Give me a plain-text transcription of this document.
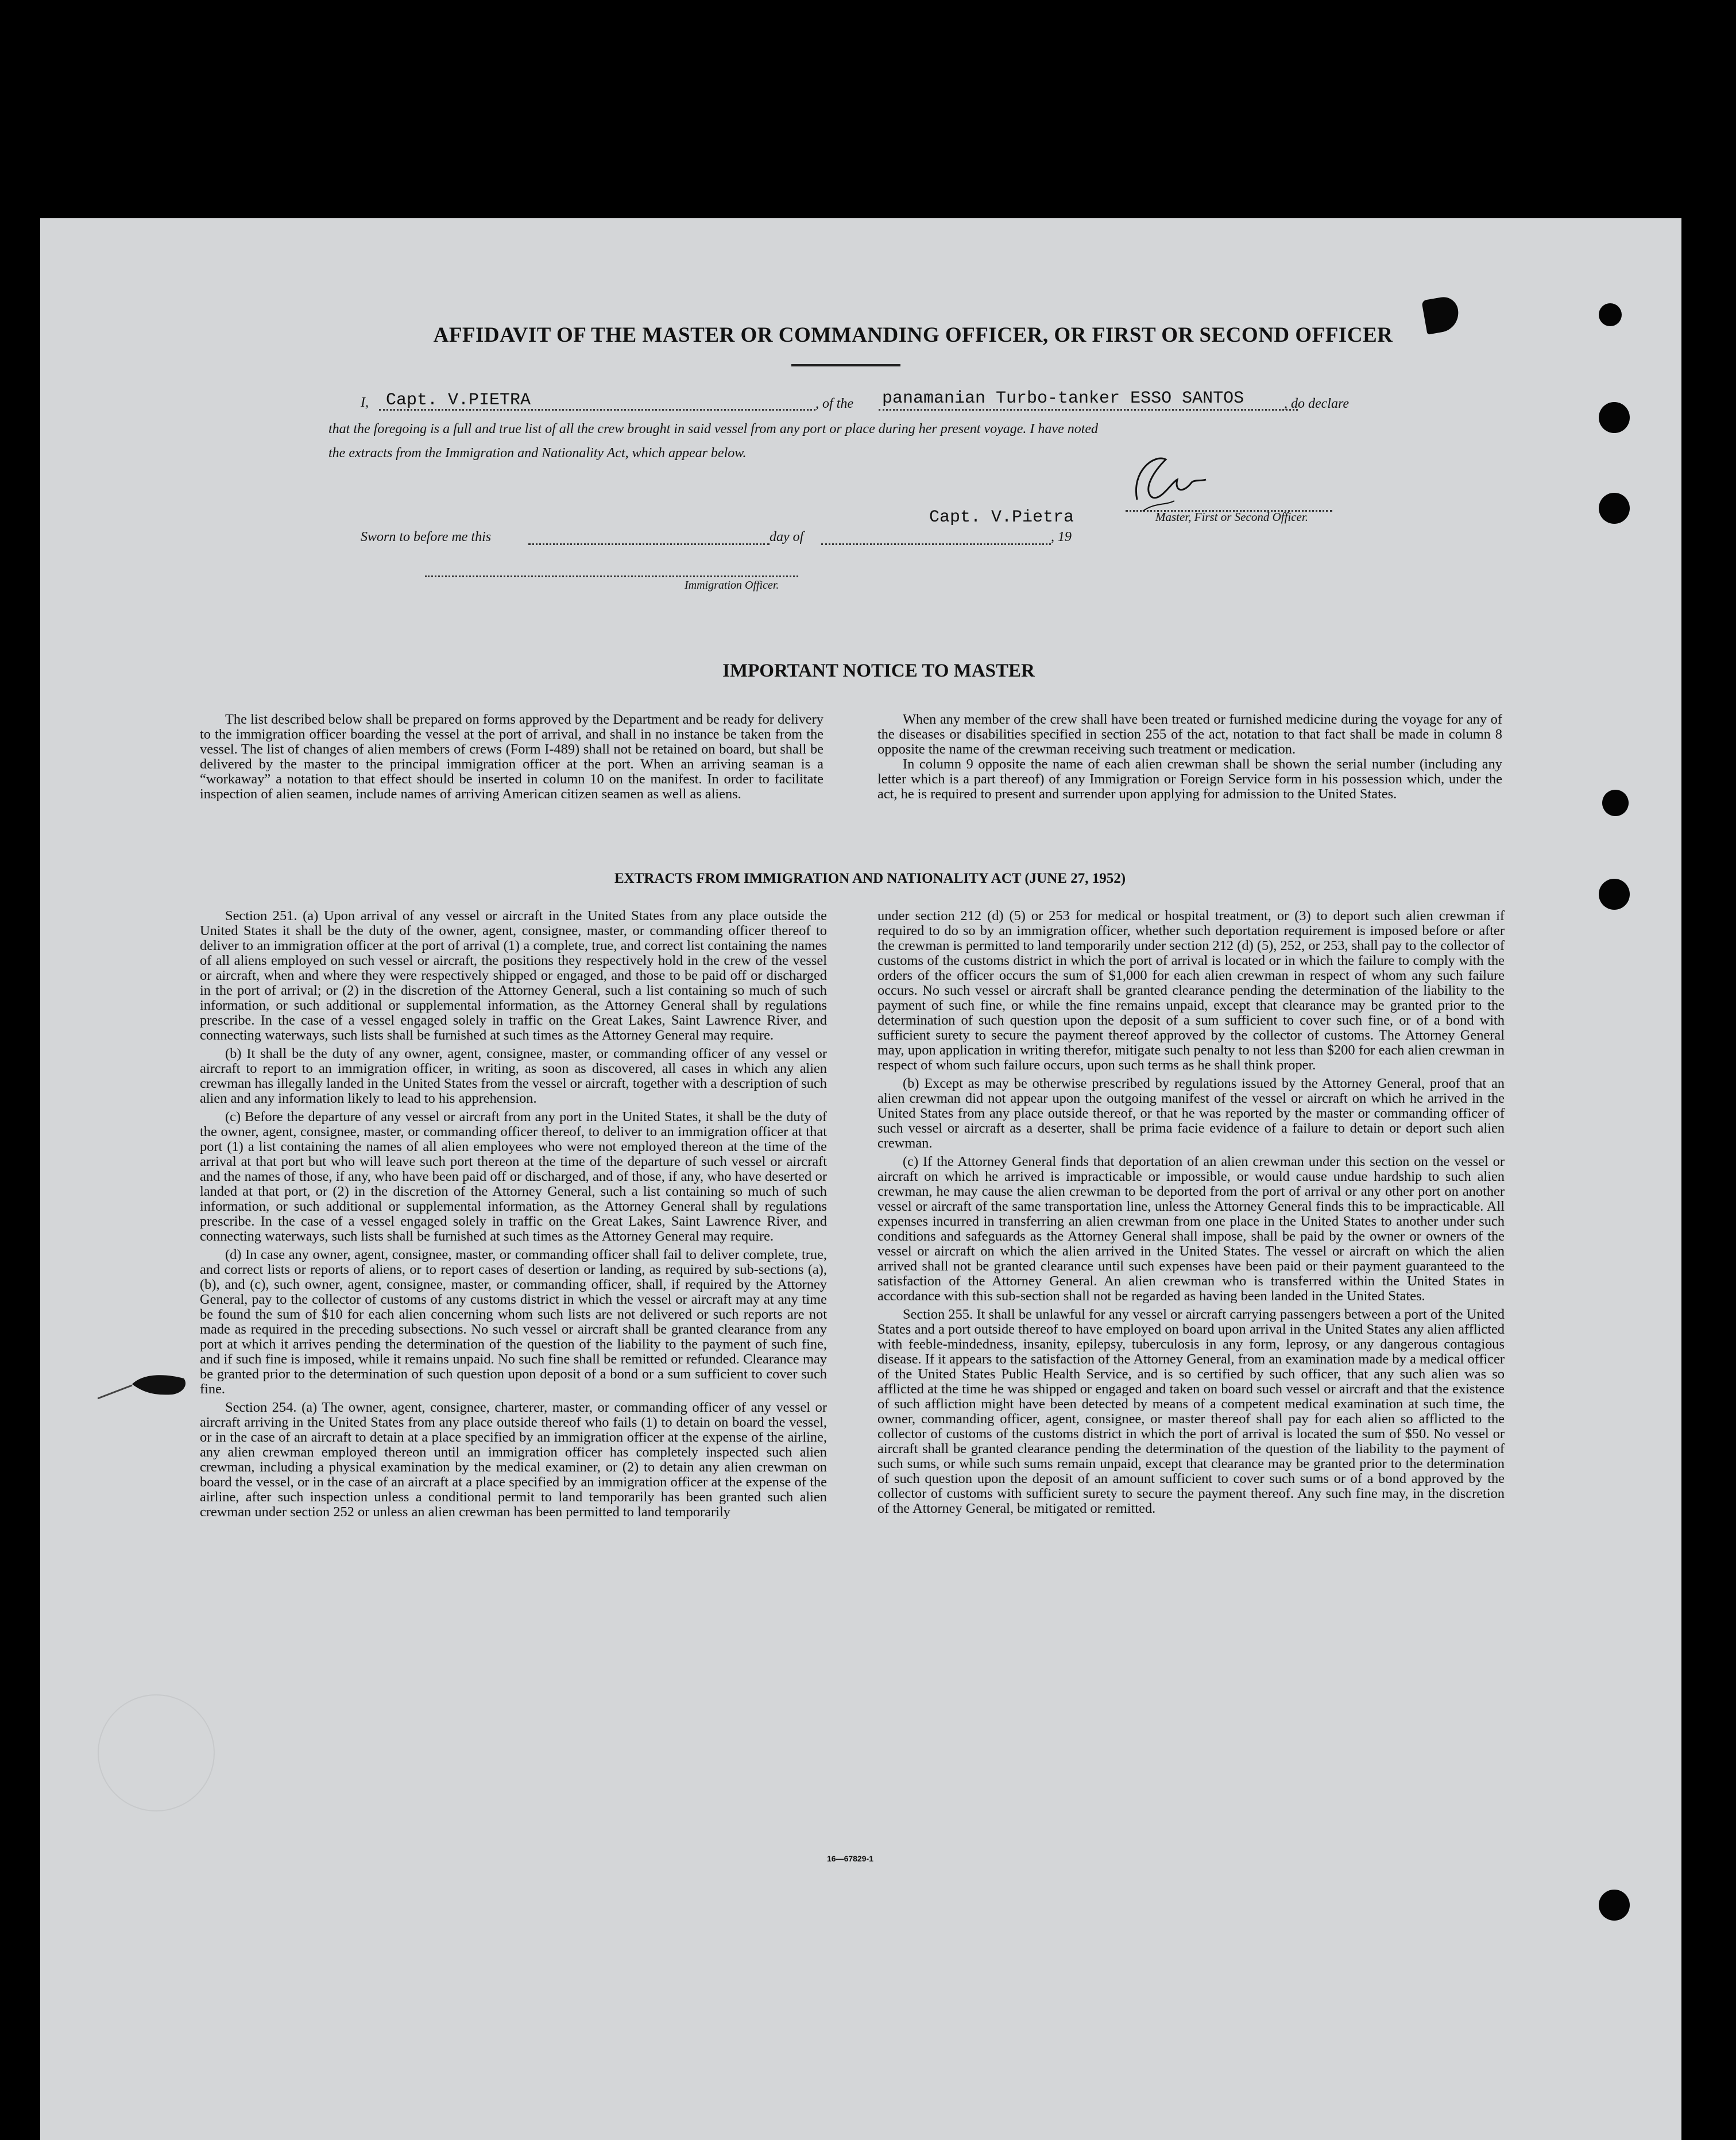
AFFIDAVIT OF THE MASTER OR COMMANDING OFFICER, OR FIRST OR SECOND OFFICER
I, Capt. V.PIETRA	, of the panamanian Turbo-tanker ESSO SANTOS	, do declare
that the foregoing is a full and true list of all the crew brought in said vessel from any port or place during her present voyage. I have noted
the extracts from the Immigration and Nationality Act, which appear below.
Capt. V.Pietra	Master, First or Second Officer.
Sworn to before me this	day of	, 19
Immigration Officer.
IMPORTANT NOTICE TO MASTER

The list described below shall be prepared on forms approved by the Department and be ready for delivery to the immigration officer boarding the vessel at the port of arrival, and shall in no instance be taken from the vessel. The list of changes of alien members of crews (Form I-489) shall not be retained on board, but shall be delivered by the master to the principal immigration officer at the port. When an arriving seaman is a “workaway” a notation to that effect should be inserted in column 10 on the manifest. In order to facilitate inspection of alien seamen, include names of arriving American citizen seamen as well as aliens.

When any member of the crew shall have been treated or furnished medicine during the voyage for any of the diseases or disabilities specified in section 255 of the act, notation to that fact shall be made in column 8 opposite the name of the crewman receiving such treatment or medication.

In column 9 opposite the name of each alien crewman shall be shown the serial number (including any letter which is a part thereof) of any Immigration or Foreign Service form in his possession which, under the act, he is required to present and surrender upon applying for admission to the United States.

EXTRACTS FROM IMMIGRATION AND NATIONALITY ACT (JUNE 27, 1952)

Section 251. (a) Upon arrival of any vessel or aircraft in the United States from any place outside the United States it shall be the duty of the owner, agent, consignee, master, or commanding officer thereof to deliver to an immigration officer at the port of arrival (1) a complete, true, and correct list containing the names of all aliens employed on such vessel or aircraft, the positions they respectively hold in the crew of the vessel or aircraft, when and where they were respectively shipped or engaged, and those to be paid off or discharged in the port of arrival; or (2) in the discretion of the Attorney General, such a list containing so much of such information, or such additional or supplemental information, as the Attorney General shall by regulations prescribe. In the case of a vessel engaged solely in traffic on the Great Lakes, Saint Lawrence River, and connecting waterways, such lists shall be furnished at such times as the Attorney General may require.

(b) It shall be the duty of any owner, agent, consignee, master, or commanding officer of any vessel or aircraft to report to an immigration officer, in writing, as soon as discovered, all cases in which any alien crewman has illegally landed in the United States from the vessel or aircraft, together with a description of such alien and any information likely to lead to his apprehension.

(c) Before the departure of any vessel or aircraft from any port in the United States, it shall be the duty of the owner, agent, consignee, master, or commanding officer thereof, to deliver to an immigration officer at that port (1) a list containing the names of all alien employees who were not employed thereon at the time of the arrival at that port but who will leave such port thereon at the time of the departure of such vessel or aircraft and the names of those, if any, who have been paid off or discharged, and of those, if any, who have deserted or landed at that port, or (2) in the discretion of the Attorney General, such a list containing so much of such information, or such additional or supplemental information, as the Attorney General shall by regulations prescribe. In the case of a vessel engaged solely in traffic on the Great Lakes, Saint Lawrence River, and connecting waterways, such lists shall be furnished at such times as the Attorney General may require.

(d) In case any owner, agent, consignee, master, or commanding officer shall fail to deliver complete, true, and correct lists or reports of aliens, or to report cases of desertion or landing, as required by sub-sections (a), (b), and (c), such owner, agent, consignee, master, or commanding officer, shall, if required by the Attorney General, pay to the collector of customs of any customs district in which the vessel or aircraft may at any time be found the sum of $10 for each alien concerning whom such lists are not delivered or such reports are not made as required in the preceding subsections. No such vessel or aircraft shall be granted clearance from any port at which it arrives pending the determination of the question of the liability to the payment of such fine, and if such fine is imposed, while it remains unpaid. No such fine shall be remitted or refunded. Clearance may be granted prior to the determination of such question upon deposit of a bond or a sum sufficient to cover such fine.

Section 254. (a) The owner, agent, consignee, charterer, master, or commanding officer of any vessel or aircraft arriving in the United States from any place outside thereof who fails (1) to detain on board the vessel, or in the case of an aircraft to detain at a place specified by an immigration officer at the expense of the airline, any alien crewman employed thereon until an immigration officer has completely inspected such alien crewman, including a physical examination by the medical examiner, or (2) to detain any alien crewman on board the vessel, or in the case of an aircraft at a place specified by an immigration officer at the expense of the airline, after such inspection unless a conditional permit to land temporarily has been granted such alien crewman under section 252 or unless an alien crewman has been permitted to land temporarily

under section 212 (d) (5) or 253 for medical or hospital treatment, or (3) to deport such alien crewman if required to do so by an immigration officer, whether such deportation requirement is imposed before or after the crewman is permitted to land temporarily under section 212 (d) (5), 252, or 253, shall pay to the collector of customs of the customs district in which the port of arrival is located or in which the failure to comply with the orders of the officer occurs the sum of $1,000 for each alien crewman in respect of whom any such failure occurs. No such vessel or aircraft shall be granted clearance pending the determination of the liability to the payment of such fine, or while the fine remains unpaid, except that clearance may be granted prior to the determination of such question upon the deposit of a sum sufficient to cover such fine, or of a bond with sufficient surety to secure the payment thereof approved by the collector of customs. The Attorney General may, upon application in writing therefor, mitigate such penalty to not less than $200 for each alien crewman in respect of whom such failure occurs, upon such terms as he shall think proper.

(b) Except as may be otherwise prescribed by regulations issued by the Attorney General, proof that an alien crewman did not appear upon the outgoing manifest of the vessel or aircraft on which he arrived in the United States from any place outside thereof, or that he was reported by the master or commanding officer of such vessel or aircraft as a deserter, shall be prima facie evidence of a failure to detain or deport such alien crewman.

(c) If the Attorney General finds that deportation of an alien crewman under this section on the vessel or aircraft on which he arrived is impracticable or impossible, or would cause undue hardship to such alien crewman, he may cause the alien crewman to be deported from the port of arrival or any other port on another vessel or aircraft of the same transportation line, unless the Attorney General finds this to be impracticable. All expenses incurred in transferring an alien crewman from one place in the United States to another under such conditions and safeguards as the Attorney General shall impose, shall be paid by the owner or owners of the vessel or aircraft on which the alien arrived in the United States. The vessel or aircraft on which the alien arrived shall not be granted clearance until such expenses have been paid or their payment guaranteed to the satisfaction of the Attorney General. An alien crewman who is transferred within the United States in accordance with this sub-section shall not be regarded as having been landed in the United States.

Section 255. It shall be unlawful for any vessel or aircraft carrying passengers between a port of the United States and a port outside thereof to have employed on board upon arrival in the United States any alien afflicted with feeble-mindedness, insanity, epilepsy, tuberculosis in any form, leprosy, or any dangerous contagious disease. If it appears to the satisfaction of the Attorney General, from an examination made by a medical officer of the United States Public Health Service, and is so certified by such officer, that any such alien was so afflicted at the time he was shipped or engaged and taken on board such vessel or aircraft and that the existence of such affliction might have been detected by means of a competent medical examination at such time, the owner, commanding officer, agent, consignee, or master thereof shall pay for each alien so afflicted to the collector of customs of the customs district in which the port of arrival is located the sum of $50. No vessel or aircraft shall be granted clearance pending the determination of the question of the liability to the payment of such sums, or while such sums remain unpaid, except that clearance may be granted prior to the determination of such question upon the deposit of an amount sufficient to cover such sums or of a bond approved by the collector of customs with sufficient surety to secure the payment thereof. Any such fine may, in the discretion of the Attorney General, be mitigated or remitted.

16—67829-1
